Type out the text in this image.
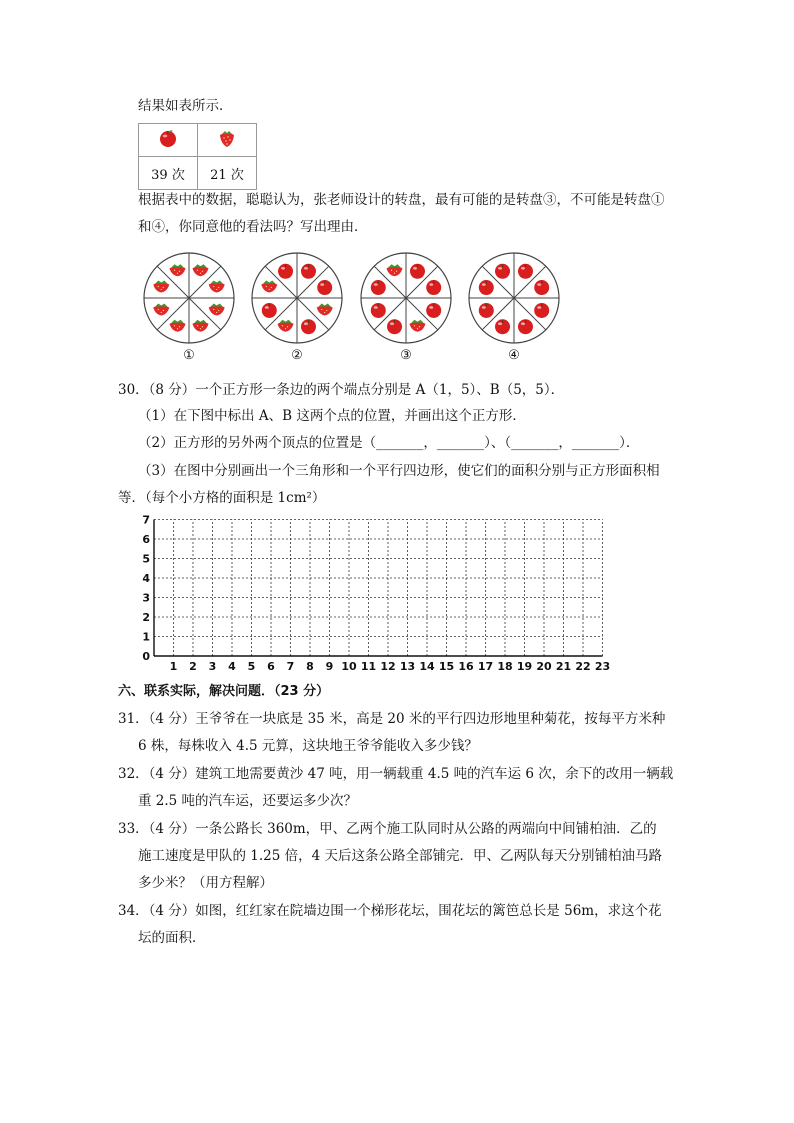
结果如表所示．

39 次	21 次
根据表中的数据，聪聪认为，张老师设计的转盘，最有可能的是转盘③，不可能是转盘①
和④，你同意他的看法吗？写出理由．
①	②	③	④
30．（8 分）一个正方形一条边的两个端点分别是 A（1，5）、B（5，5）．
（1）在下图中标出 A、B 这两个点的位置，并画出这个正方形．
（2）正方形的另外两个顶点的位置是（_______，_______）、（_______，_______）．
（3）在图中分别画出一个三角形和一个平行四边形，使它们的面积分别与正方形面积相
等．（每个小方格的面积是 1cm²）
1 2 3 4 5 6 7 8 9 10 11 12 13 14 15 16 17 18 19 20 21 22 23
0
1
2
3
4
5
6
7
六、联系实际，解决问题．（23 分）
31．（4 分）王爷爷在一块底是 35 米，高是 20 米的平行四边形地里种菊花，按每平方米种
6 株，每株收入 4.5 元算，这块地王爷爷能收入多少钱？
32．（4 分）建筑工地需要黄沙 47 吨，用一辆载重 4.5 吨的汽车运 6 次，余下的改用一辆载
重 2.5 吨的汽车运，还要运多少次？
33．（4 分）一条公路长 360m，甲、乙两个施工队同时从公路的两端向中间铺柏油．乙的
施工速度是甲队的 1.25 倍，4 天后这条公路全部铺完．甲、乙两队每天分别铺柏油马路
多少米？（用方程解）
34．（4 分）如图，红红家在院墙边围一个梯形花坛，围花坛的篱笆总长是 56m，求这个花
坛的面积．
